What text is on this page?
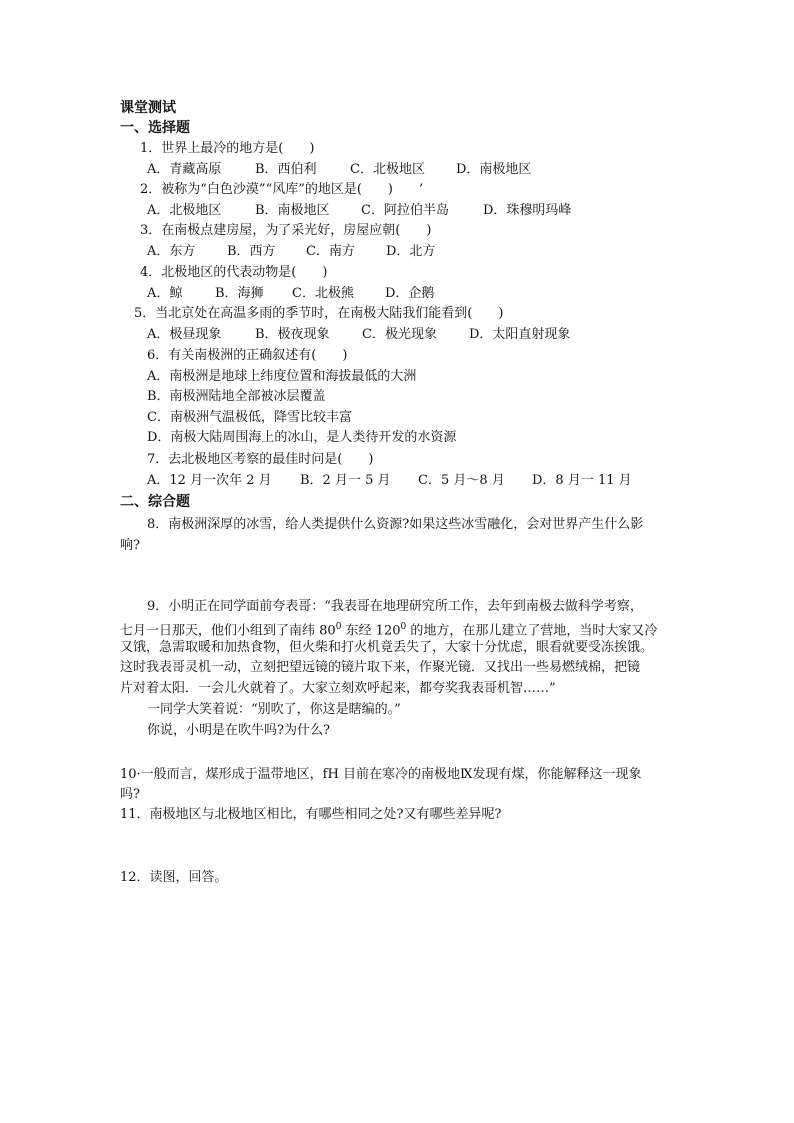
课堂测试
一、选择题
1．世界上最冷的地方是(　　)
A．青藏高原	B．西伯利	C．北极地区 D．南极地区
2．被称为“白色沙漠”“风库”的地区是(　　)　　’
A．北极地区	B．南极地区 C．阿拉伯半岛	D．珠穆明玛峰
3．在南极点建房屋，为了采光好，房屋应朝(　　)
A．东方 B．西方 C．南方 D．北方
4．北极地区的代表动物是(　　)
A．鲸	B．海狮 C．北极熊 D．企鹅
5．当北京处在高温多雨的季节时，在南极大陆我们能看到(　　)
A．极昼现象	B．极夜现象 C．极光现象 D．太阳直射现象
6．有关南极洲的正确叙述有(　　)
A．南极洲是地球上纬度位置和海拔最低的大洲
B．南极洲陆地全部被冰层覆盖
C．南极洲气温极低，降雪比较丰富
D．南极大陆周围海上的冰山，是人类待开发的水资源
7．去北极地区考察的最佳时问是(　　)
A．12 月一次年 2 月 B．2 月一 5 月 C．5 月～8 月 D．8 月一 11 月
二、综合题
8．南极洲深厚的冰雪，给人类提供什么资源?如果这些冰雪融化，会对世界产生什么影
响?
9．小明正在同学面前夸表哥：“我表哥在地理研究所工作，去年到南极去做科学考察，
七月一日那天，他们小组到了南纬 $80^0$ 东经 $120^0$ 的地方，在那儿建立了营地，当时大家又冷
又饿，急需取暖和加热食物，但火柴和打火机竟丢失了，大家十分忧虑，眼看就要受冻挨饿。
这时我表哥灵机一动，立刻把望远镜的镜片取下来，作聚光镜．又找出一些易燃绒棉，把镜
片对着太阳．一会儿火就着了。大家立刻欢呼起来，都夸奖我表哥机智……”
一同学大笑着说：“别吹了，你这是瞎编的。”
你说，小明是在吹牛吗?为什么?
10·一般而言，煤形成于温带地区，fH 目前在寒冷的南极地Ⅸ发现有煤，你能解释这一现象
吗?
11．南极地区与北极地区相比，有哪些相同之处?又有哪些差异呢?
12．读图，回答。
